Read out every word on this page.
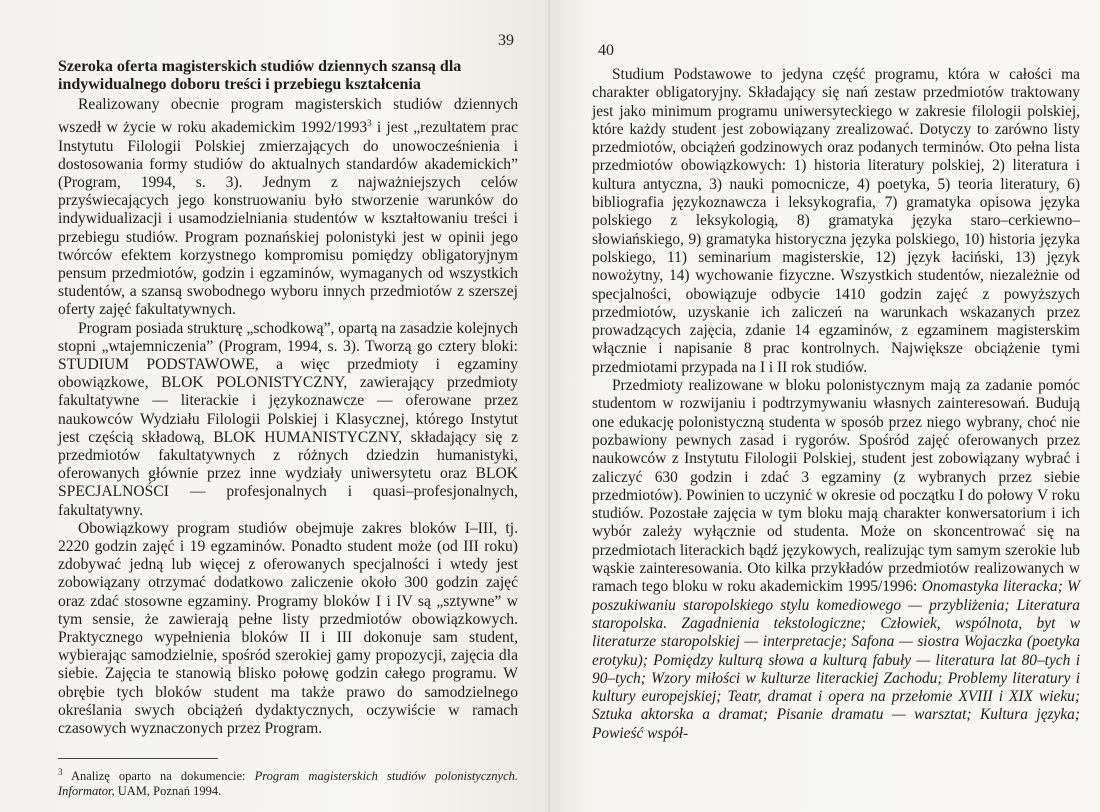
39

Szeroka oferta magisterskich studiów dziennych szansą dla indywidualnego doboru treści i przebiegu kształcenia

Realizowany obecnie program magisterskich studiów dziennych wszedł w życie w roku akademickim 1992/1993$^3$ i jest „rezultatem prac Instytutu Filologii Polskiej zmierzających do unowocześnienia i dostosowania formy studiów do aktualnych standardów akademickich” (Program, 1994, s. 3). Jednym z najważniejszych celów przyświecających jego konstruowaniu było stworzenie warunków do indywidualizacji i usamodzielniania studentów w kształtowaniu treści i przebiegu studiów. Program poznańskiej polonistyki jest w opinii jego twórców efektem korzystnego kompromisu pomiędzy obligatoryjnym pensum przedmiotów, godzin i egzaminów, wymaganych od wszystkich studentów, a szansą swobodnego wyboru innych przedmiotów z szerszej oferty zajęć fakultatywnych.

Program posiada strukturę „schodkową”, opartą na zasadzie kolejnych stopni „wtajemniczenia” (Program, 1994, s. 3). Tworzą go cztery bloki: STUDIUM PODSTAWOWE, a więc przedmioty i egzaminy obowiązkowe, BLOK POLONISTYCZNY, zawierający przedmioty fakultatywne — literackie i językoznawcze — oferowane przez naukowców Wydziału Filologii Polskiej i Klasycznej, którego Instytut jest częścią składową, BLOK HUMANISTYCZNY, składający się z przedmiotów fakultatywnych z różnych dziedzin humanistyki, oferowanych głównie przez inne wydziały uniwersytetu oraz BLOK SPECJALNOŚCI — profesjonalnych i quasi–profesjonalnych, fakultatywny.

Obowiązkowy program studiów obejmuje zakres bloków I–III, tj. 2220 godzin zajęć i 19 egzaminów. Ponadto student może (od III roku) zdobywać jedną lub więcej z oferowanych specjalności i wtedy jest zobowiązany otrzymać dodatkowo zaliczenie około 300 godzin zajęć oraz zdać stosowne egzaminy. Programy bloków I i IV są „sztywne” w tym sensie, że zawierają pełne listy przedmiotów obowiązkowych. Praktycznego wypełnienia bloków II i III dokonuje sam student, wybierając samodzielnie, spośród szerokiej gamy propozycji, zajęcia dla siebie. Zajęcia te stanowią blisko połowę godzin całego programu. W obrębie tych bloków student ma także prawo do samodzielnego określania swych obciążeń dydaktycznych, oczywiście w ramach czasowych wyznaczonych przez Program.

$^3$ Analizę oparto na dokumencie: Program magisterskich studiów polonistycznych. Informator, UAM, Poznań 1994.
40

Studium Podstawowe to jedyna część programu, która w całości ma charakter obligatoryjny. Składający się nań zestaw przedmiotów traktowany jest jako minimum programu uniwersyteckiego w zakresie filologii polskiej, które każdy student jest zobowiązany zrealizować. Dotyczy to zarówno listy przedmiotów, obciążeń godzinowych oraz podanych terminów. Oto pełna lista przedmiotów obowiązkowych: 1) historia literatury polskiej, 2) literatura i kultura antyczna, 3) nauki pomocnicze, 4) poetyka, 5) teoria literatury, 6) bibliografia językoznawcza i leksykografia, 7) gramatyka opisowa języka polskiego z leksykologią, 8) gramatyka języka staro–cerkiewno–słowiańskiego, 9) gramatyka historyczna języka polskiego, 10) historia języka polskiego, 11) seminarium magisterskie, 12) język łaciński, 13) język nowożytny, 14) wychowanie fizyczne. Wszystkich studentów, niezależnie od specjalności, obowiązuje odbycie 1410 godzin zajęć z powyższych przedmiotów, uzyskanie ich zaliczeń na warunkach wskazanych przez prowadzących zajęcia, zdanie 14 egzaminów, z egzaminem magisterskim włącznie i napisanie 8 prac kontrolnych. Największe obciążenie tymi przedmiotami przypada na I i II rok studiów.

Przedmioty realizowane w bloku polonistycznym mają za zadanie pomóc studentom w rozwijaniu i podtrzymywaniu własnych zainteresowań. Budują one edukację polonistyczną studenta w sposób przez niego wybrany, choć nie pozbawiony pewnych zasad i rygorów. Spośród zajęć oferowanych przez naukowców z Instytutu Filologii Polskiej, student jest zobowiązany wybrać i zaliczyć 630 godzin i zdać 3 egzaminy (z wybranych przez siebie przedmiotów). Powinien to uczynić w okresie od początku I do połowy V roku studiów. Pozostałe zajęcia w tym bloku mają charakter konwersatorium i ich wybór zależy wyłącznie od studenta. Może on skoncentrować się na przedmiotach literackich bądź językowych, realizując tym samym szerokie lub wąskie zainteresowania. Oto kilka przykładów przedmiotów realizowanych w ramach tego bloku w roku akademickim 1995/1996: Onomastyka literacka; W poszukiwaniu staropolskiego stylu komediowego — przybliżenia; Literatura staropolska. Zagadnienia tekstologiczne; Człowiek, wspólnota, byt w literaturze staropolskiej — interpretacje; Safona — siostra Wojaczka (poetyka erotyku); Pomiędzy kulturą słowa a kulturą fabuły — literatura lat 80–tych i 90–tych; Wzory miłości w kulturze literackiej Zachodu; Problemy literatury i kultury europejskiej; Teatr, dramat i opera na przełomie XVIII i XIX wieku; Sztuka aktorska a dramat; Pisanie dramatu — warsztat; Kultura języka; Powieść współ-
